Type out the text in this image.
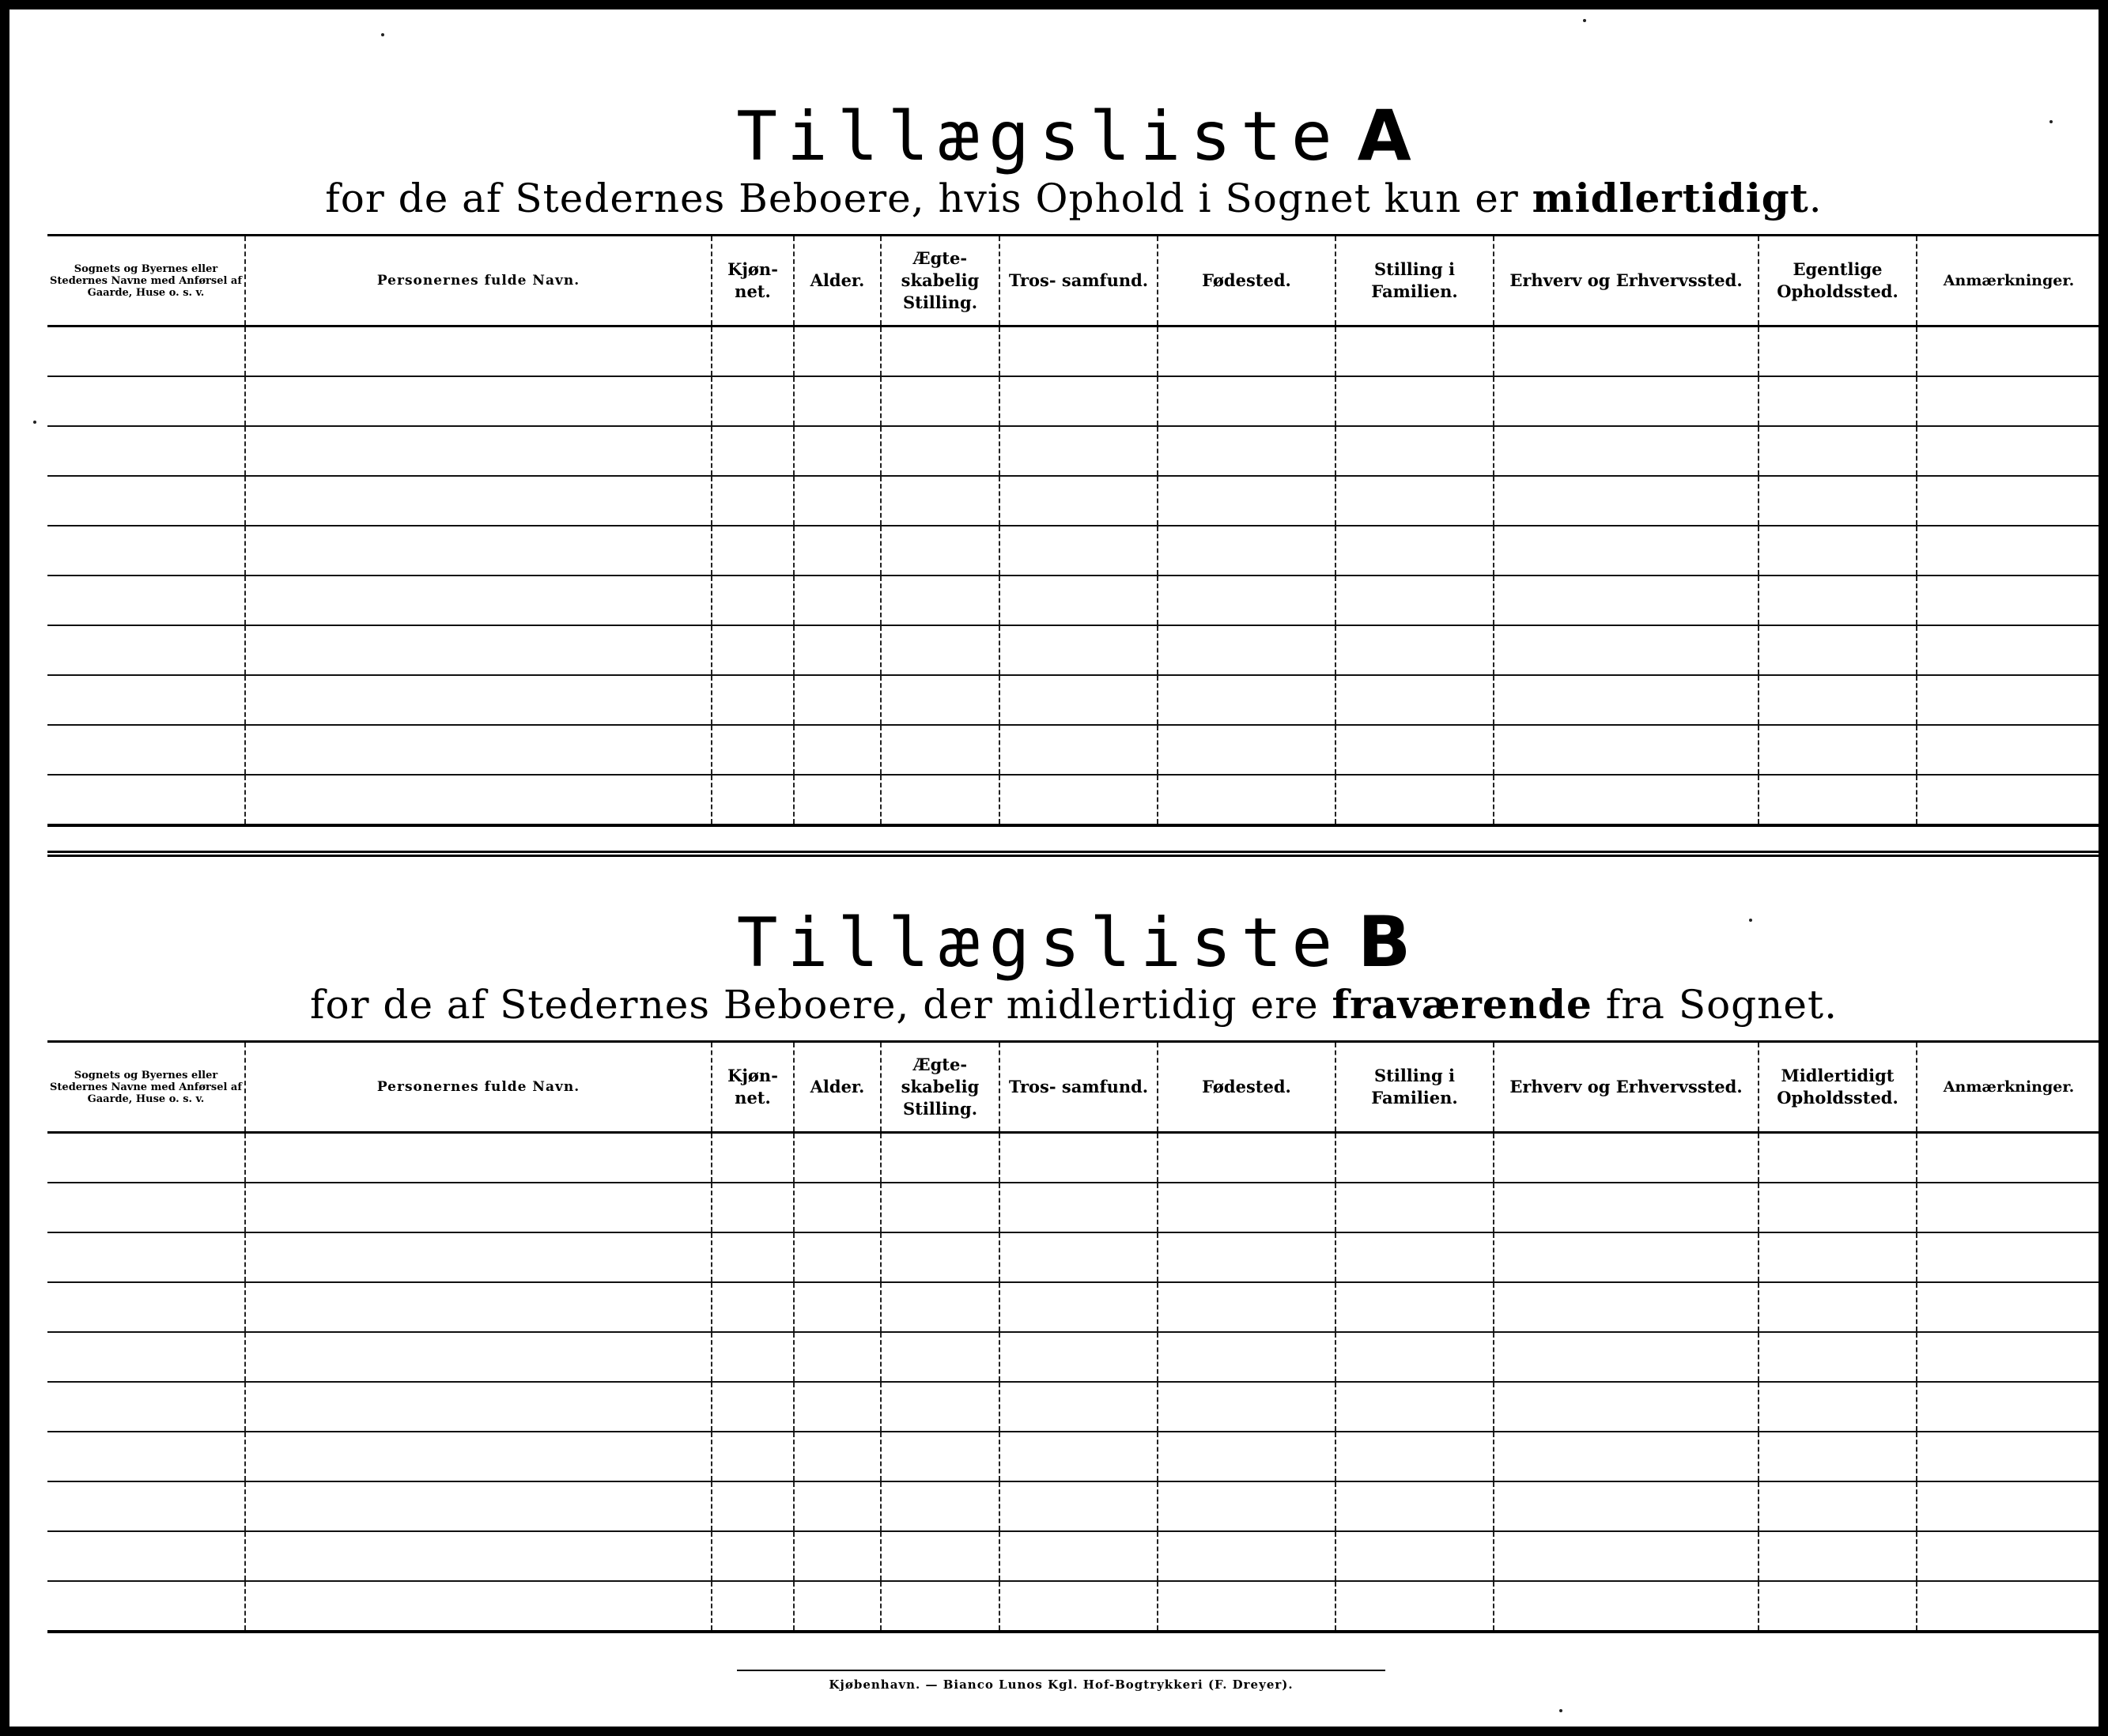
Tillægsliste A
for de af Stedernes Beboere, hvis Ophold i Sognet kun er midlertidigt.
Sognets og Byernes eller Stedernes Navne med Anførsel af Gaarde, Huse o. s. v.	Personernes fulde Navn.	Kjøn- net.	Alder.	Ægte- skabelig Stilling.	Tros- samfund.	Fødested.	Stilling i Familien.	Erhverv og Erhvervssted.	Egentlige Opholdssted.	Anmærkninger.

Tillægsliste B
for de af Stedernes Beboere, der midlertidig ere fraværende fra Sognet.
Sognets og Byernes eller Stedernes Navne med Anførsel af Gaarde, Huse o. s. v.	Personernes fulde Navn.	Kjøn- net.	Alder.	Ægte- skabelig Stilling.	Tros- samfund.	Fødested.	Stilling i Familien.	Erhverv og Erhvervssted.	Midlertidigt Opholdssted.	Anmærkninger.

Kjøbenhavn. — Bianco Lunos Kgl. Hof-Bogtrykkeri (F. Dreyer).
